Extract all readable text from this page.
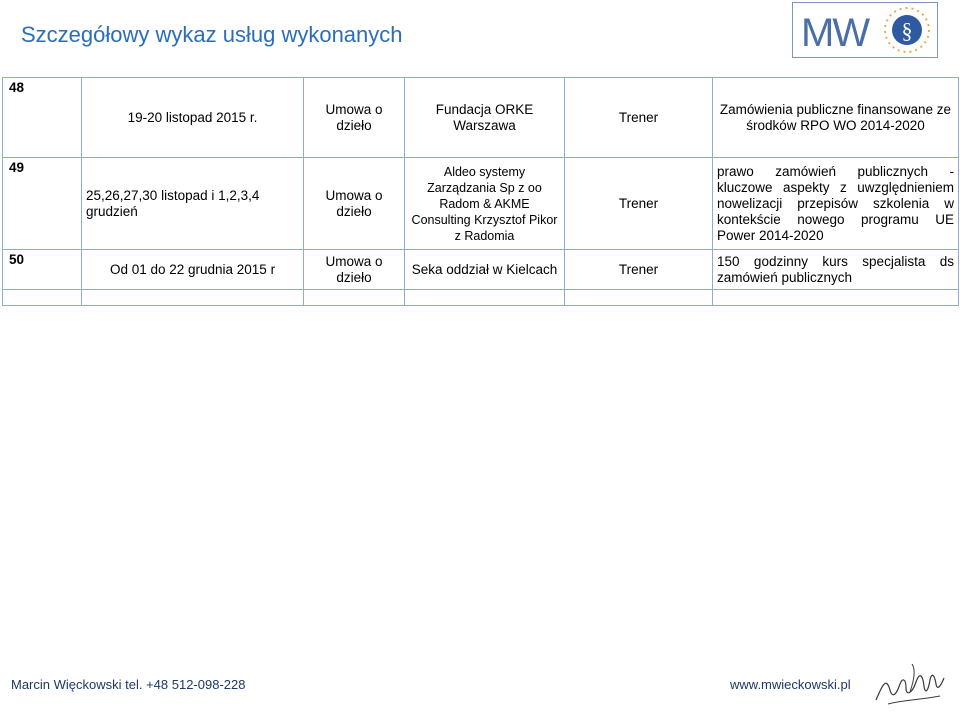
Szczegółowy wykaz usług wykonanych	MW §
48	19-20 listopad 2015 r.	Umowa o dzieło	Fundacja ORKE Warszawa	Trener	Zamówienia publiczne finansowane ze środków RPO WO 2014-2020
49	25,26,27,30 listopad i 1,2,3,4 grudzień	Umowa o dzieło	Aldeo systemy Zarządzania Sp z oo Radom & AKME Consulting Krzysztof Pikor z Radomia	Trener	prawo zamówień publicznych - kluczowe aspekty z uwzględnieniem nowelizacji przepisów szkolenia w kontekście nowego programu UE Power 2014-2020
50	Od 01 do 22 grudnia 2015 r	Umowa o dzieło	Seka oddział w Kielcach	Trener	150 godzinny kurs specjalista ds zamówień publicznych

Marcin Więckowski tel. +48 512-098-228	www.mwieckowski.pl
